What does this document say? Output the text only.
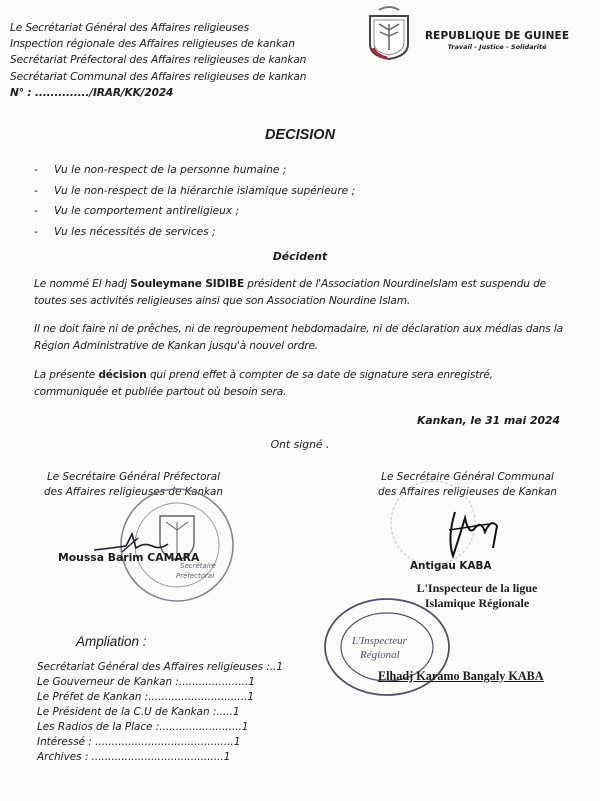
Le Secrétariat Général des Affaires religieuses
Inspection régionale des Affaires religieuses de kankan
Secrétariat Préfectoral des Affaires religieuses de kankan
Secrétariat Communal des Affaires religieuses de kankan
N° : ............../IRAR/KK/2024
REPUBLIQUE DE GUINEE
Travail - Justice - Solidarité
DECISION
- Vu le non-respect de la personne humaine ;
- Vu le non-respect de la hiérarchie islamique supérieure ;
- Vu le comportement antireligieux ;
- Vu les nécessités de services ;
Décident
Le nommé El hadj Souleymane SIDIBE président de l'Association NourdineIslam est suspendu de toutes ses activités religieuses ainsi que son Association Nourdine Islam.
Il ne doit faire ni de prêches, ni de regroupement hebdomadaire, ni de déclaration aux médias dans la Région Administrative de Kankan jusqu'à nouvel ordre.
La présente décision qui prend effet à compter de sa date de signature sera enregistré, communiquée et publiée partout où besoin sera.
Kankan, le 31 mai 2024
Ont signé .
Le Secrétaire Général Préfectoral
des Affaires religieuses de Kankan
Secrétaire
Préfectoral
Moussa Barim CAMARA
Le Secrétaire Général Communal
des Affaires religieuses de Kankan
Antigau KABA
L'Inspecteur de la ligue
Islamique Régionale
L'Inspecteur
Régional
Elhadj Karamo Bangaly KABA
Ampliation :
Secrétariat Général des Affaires religieuses :..1
Le Gouverneur de Kankan :.....................1
Le Préfet de Kankan :..............................1
Le Président de la C.U de Kankan :.....1
Les Radios de la Place :.........................1
Intéressé : ..........................................1
Archives : ........................................1
